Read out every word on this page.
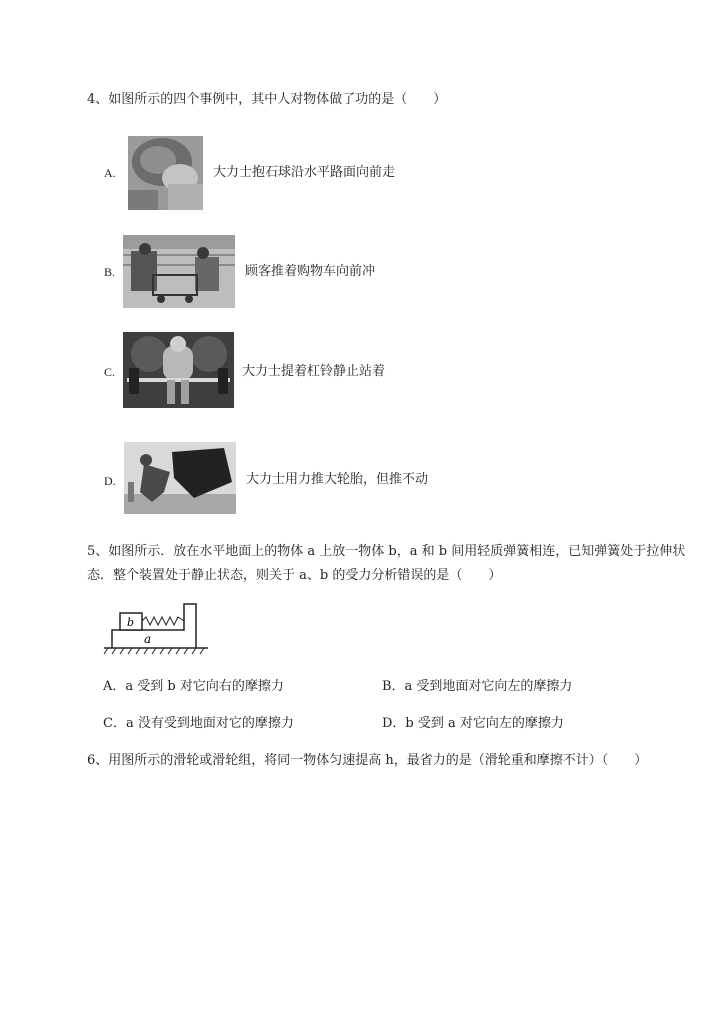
4、如图所示的四个事例中，其中人对物体做了功的是（　　）
A.	大力士抱石球沿水平路面向前走
B.	顾客推着购物车向前冲
C.	大力士提着杠铃静止站着
D.	大力士用力推大轮胎，但推不动
5、如图所示．放在水平地面上的物体 a 上放一物体 b，a 和 b 间用轻质弹簧相连，已知弹簧处于拉伸状
态．整个装置处于静止状态，则关于 a、b 的受力分析错误的是（　　）
b
a
A．a 受到 b 对它向右的摩擦力	B．a 受到地面对它向左的摩擦力
C．a 没有受到地面对它的摩擦力	D．b 受到 a 对它向左的摩擦力
6、用图所示的滑轮或滑轮组，将同一物体匀速提高 h，最省力的是（滑轮重和摩擦不计）（　　）
